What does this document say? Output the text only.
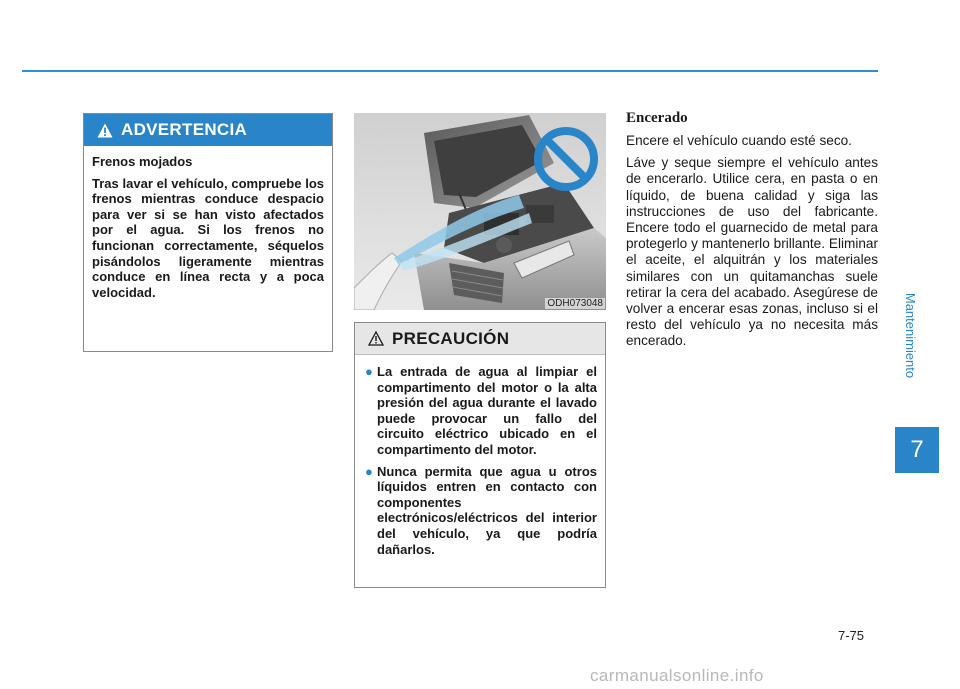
ADVERTENCIA
Frenos mojados
Tras lavar el vehículo, compruebe los frenos mientras conduce despacio para ver si se han visto afectados por el agua. Si los frenos no funcionan correctamente, séquelos pisándolos ligeramente mientras conduce en línea recta y a poca velocidad.
ODH073048
PRECAUCIÓN
● La entrada de agua al limpiar el compartimento del motor o la alta presión del agua durante el lavado puede provocar un fallo del circuito eléctrico ubicado en el compartimento del motor.
● Nunca permita que agua u otros líquidos entren en contacto con componentes electrónicos/eléctricos del interior del vehículo, ya que podría dañarlos.
Encerado

Encere el vehículo cuando esté seco.

Láve y seque siempre el vehículo antes de encerarlo. Utilice cera, en pasta o en líquido, de buena calidad y siga las instrucciones de uso del fabricante. Encere todo el guarnecido de metal para protegerlo y mantenerlo brillante. Eliminar el aceite, el alquitrán y los materiales similares con un quitamanchas suele retirar la cera del acabado. Asegúrese de volver a encerar esas zonas, incluso si el resto del vehículo ya no necesita más encerado.	Mantenimiento
7
7-75
carmanualsonline.info
